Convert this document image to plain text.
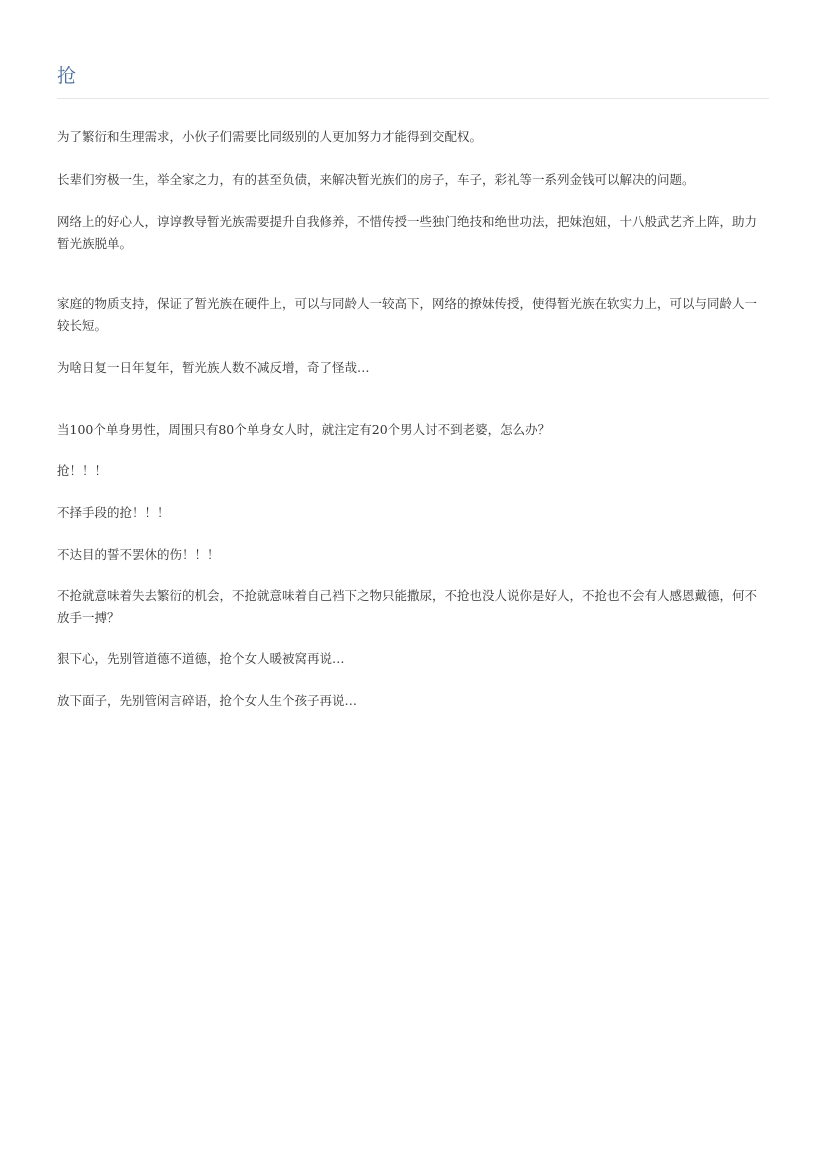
抢

为了繁衍和生理需求，小伙子们需要比同级别的人更加努力才能得到交配权。

长辈们穷极一生，举全家之力，有的甚至负债，来解决暂光族们的房子，车子，彩礼等一系列金钱可以解决的问题。

网络上的好心人，谆谆教导暂光族需要提升自我修养，不惜传授一些独门绝技和绝世功法，把妹泡妞，十八般武艺齐上阵，助力暂光族脱单。

家庭的物质支持，保证了暂光族在硬件上，可以与同龄人一较高下，网络的撩妹传授，使得暂光族在软实力上，可以与同龄人一较长短。

为啥日复一日年复年，暂光族人数不减反增，奇了怪哉…

当100个单身男性，周围只有80个单身女人时，就注定有20个男人讨不到老婆，怎么办？

抢！！！

不择手段的抢！！！

不达目的誓不罢休的伤！！！

不抢就意味着失去繁衍的机会，不抢就意味着自己裆下之物只能撒尿，不抢也没人说你是好人，不抢也不会有人感恩戴德，何不放手一搏？

狠下心，先别管道德不道德，抢个女人暖被窝再说…

放下面子，先别管闲言碎语，抢个女人生个孩子再说…
